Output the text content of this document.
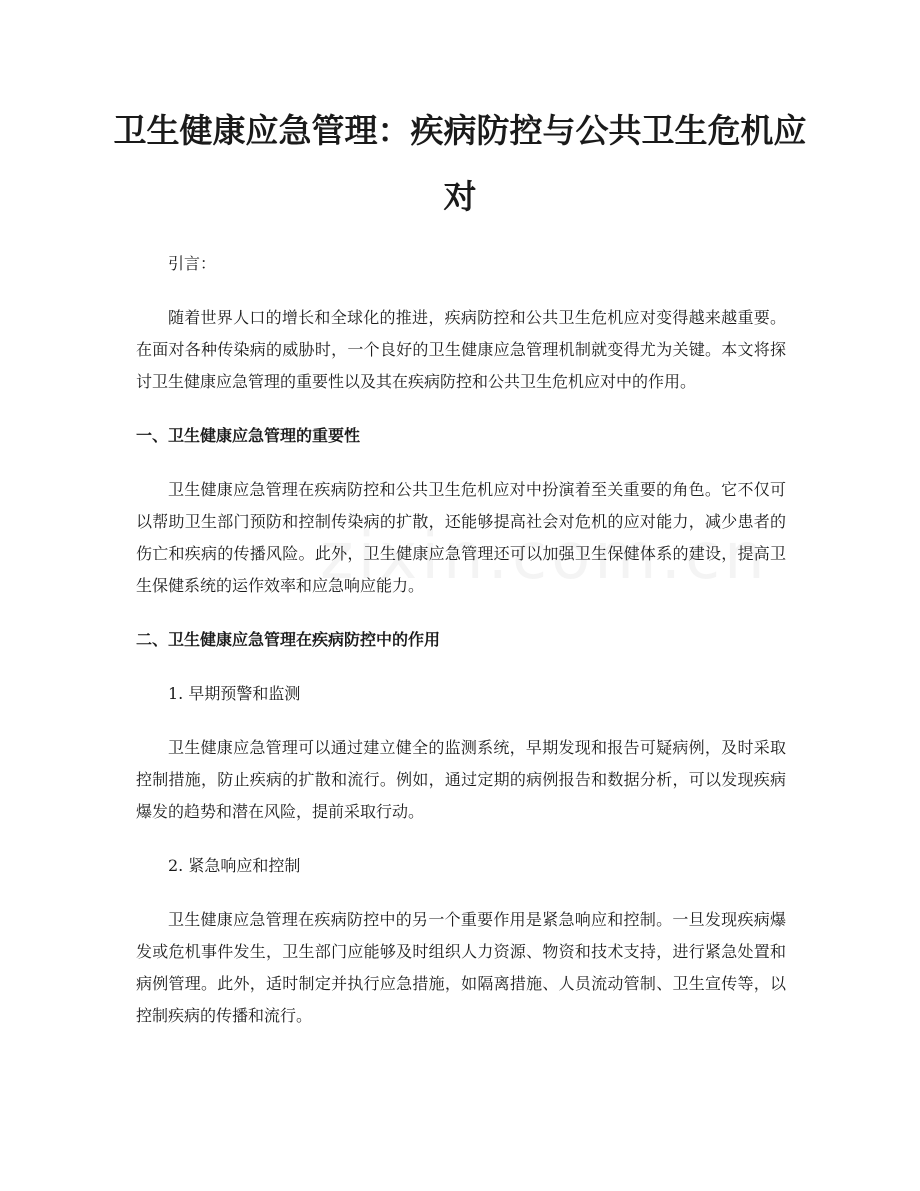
卫生健康应急管理：疾病防控与公共卫生危机应对

引言：

随着世界人口的增长和全球化的推进，疾病防控和公共卫生危机应对变得越来越重要。在面对各种传染病的威胁时，一个良好的卫生健康应急管理机制就变得尤为关键。本文将探讨卫生健康应急管理的重要性以及其在疾病防控和公共卫生危机应对中的作用。

一、卫生健康应急管理的重要性

卫生健康应急管理在疾病防控和公共卫生危机应对中扮演着至关重要的角色。它不仅可以帮助卫生部门预防和控制传染病的扩散，还能够提高社会对危机的应对能力，减少患者的伤亡和疾病的传播风险。此外，卫生健康应急管理还可以加强卫生保健体系的建设，提高卫生保健系统的运作效率和应急响应能力。

二、卫生健康应急管理在疾病防控中的作用

1. 早期预警和监测

卫生健康应急管理可以通过建立健全的监测系统，早期发现和报告可疑病例，及时采取控制措施，防止疾病的扩散和流行。例如，通过定期的病例报告和数据分析，可以发现疾病爆发的趋势和潜在风险，提前采取行动。

2. 紧急响应和控制

卫生健康应急管理在疾病防控中的另一个重要作用是紧急响应和控制。一旦发现疾病爆发或危机事件发生，卫生部门应能够及时组织人力资源、物资和技术支持，进行紧急处置和病例管理。此外，适时制定并执行应急措施，如隔离措施、人员流动管制、卫生宣传等，以控制疾病的传播和流行。
